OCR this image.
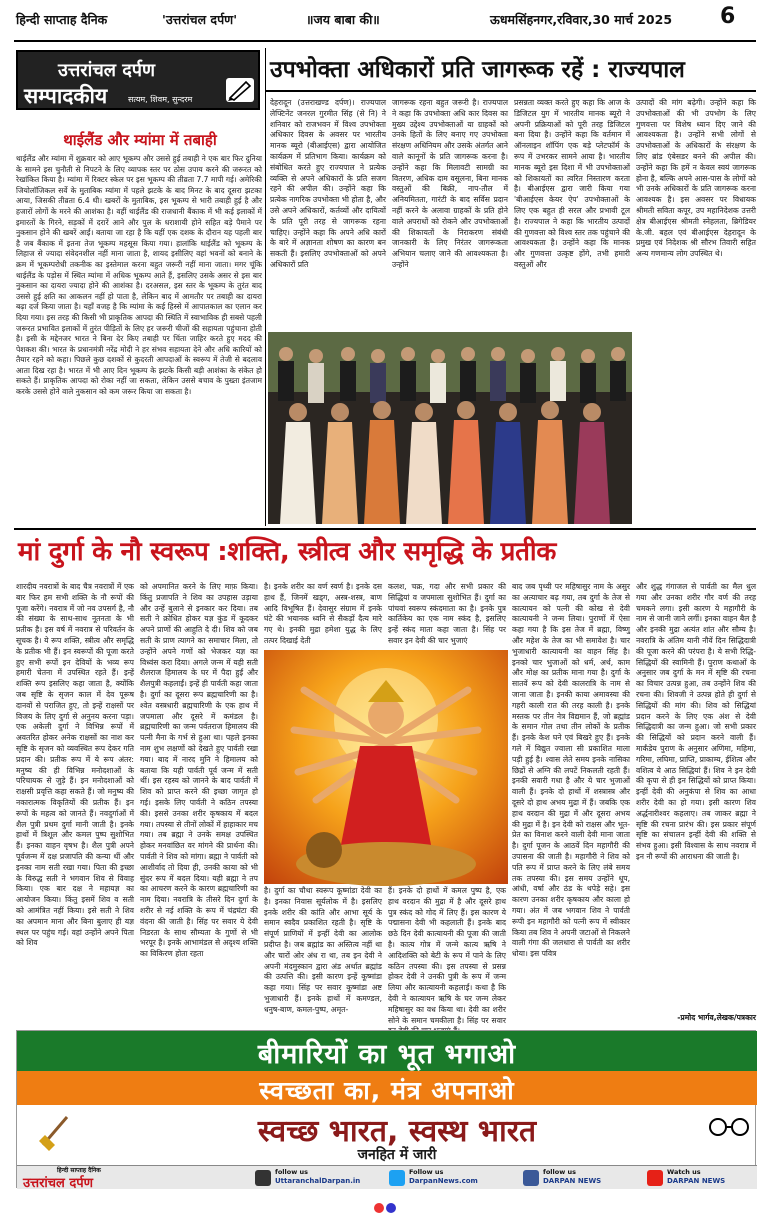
हिन्दी साप्ताह दैनिक	'उत्तरांचल दर्पण'	॥जय बाबा की॥	ऊधमसिंहनगर,रविवार,30 मार्च 2025 6
उत्तरांचल दर्पण
सम्पादकीय	सत्यम, शिवम, सुन्दरम
थाईलैंड और म्यांमा में तबाही
थाईलैंड और म्यांमा में शुक्रवार को आए भूकम्प और उससे हुई तबाही ने एक बार फिर दुनिया के सामने इस चुनौती से निपटने के लिए व्यापक स्तर पर ठोस उपाय करने की जरूरत को रेखांकित किया है। म्यांमा में रिक्टर स्केल पर इस भूकम्प की तीव्रता 7.7 मापी गई। अमेरिकी जियोलॉजिकल सर्वे के मुताबिक म्यांमा में पहले झटके के बाद मिनट के बाद दूसरा झटका आया, जिसकी तीव्रता 6.4 थी। खबरों के मुताबिक, इस भूकम्प से भारी तबाही हुई है और हजारों लोगों के मरने की आशंका है। वहीं थाईलैंड की राजधानी बैंकाक में भी कई इलाकों में इमारतों के गिरने, सड़कों में दरारें आने और पुल के धराशायी होने सहित बड़े पैमाने पर नुकसान होने की खबरें आईं। बताया जा रहा है कि यहीं एक दशक के दौरान यह पहली बार है जब बैंकाक में इतना तेज भूकम्प महसूस किया गया। हालांकि थाईलैंड को भूकम्प के लिहाज से ज्यादा संवेदनशील नहीं माना जाता है, शायद इसीलिए वहां भवनों को बनाने के क्रम में भूकम्परोधी तकनीक का इस्तेमाल करना बहुत जरूरी नहीं माना जाता। मगर चूंकि थाईलैंड के पड़ोस में स्थित म्यांमा में अधिक भूकम्प आते हैं, इसलिए उसके असर से इस बार नुकसान का दायरा ज्यादा होने की आशंका है। दरअसल, इस स्तर के भूकम्प के तुरंत बाद उससे हुई क्षति का आकलन नहीं हो पाता है, लेकिन बाद में आमतौर पर तबाही का दायरा बढ़ा दर्ज किया जाता है। यहाँ वजह है कि म्यांमा के कई हिस्से में आपातकाल का एलान कर दिया गया। इस तरह की किसी भी प्राकृतिक आपदा की स्थिति में स्वाभाविक ही सबसे पहली जरूरत प्रभावित इलाकों में तुरंत पीड़ितों के लिए हर जरूरी चीजों की सहायता पहुंचाना होती है। इसी के मद्देनजर भारत ने बिना देर किए तबाही पर चिंता जाहिर करते हुए मदद की पेशकश की। भारत के प्रधानमंत्री नरेंद्र मोदी ने हर संभव सहायता देने और अधि कारियों को तैयार रहने को कहा। पिछले कुछ दशकों से कुदरती आपदाओं के स्वरूप में तेजी से बदलाव आता दिख रहा है। भारत में भी आए दिन भूकम्प के झटके किसी बड़ी आशंका के संकेत हो सकते हैं। प्राकृतिक आपदा को रोका नहीं जा सकता, लेकिन उससे बचाव के पुख्ता इंतजाम करके उससे होने वाले नुकसान को कम जरूर किया जा सकता है।
उपभोक्ता अधिकारों प्रति जागरूक रहें : राज्यपाल
देहरादून (उत्तराखण्ड दर्पण)। राज्यपाल लेफ्टिनेंट जनरल गुरमीत सिंह (से नि) ने शनिवार को राजभवन में विश्व उपभोक्ता अधिकार दिवस के अवसर पर भारतीय मानक ब्यूरो (बीआईएस) द्वारा आयोजित कार्यक्रम में प्रतिभाग किया। कार्यक्रम को संबोधित करते हुए राज्यपाल ने प्रत्येक व्यक्ति से अपने अधिकारों के प्रति सजग रहने की अपील की। उन्होंने कहा कि प्रत्येक नागरिक उपभोक्ता भी होता है, और उसे अपने अधिकारों, कर्तव्यों और दायित्वों के प्रति पूरी तरह से जागरूक रहना चाहिए। उन्होंने कहा कि अपने अधि कारों के बारे में अज्ञानता शोषण का कारण बन सकती हैं। इसलिए उपभोक्ताओं को अपने अधिकारों प्रति
जागरूक रहना बहुत जरूरी है। राज्यपाल ने कहा कि उपभोक्ता अधि कार दिवस का मुख्य उद्देश्य उपभोक्ताओं या ग्राहकों को उनके हितों के लिए बनाए गए उपभोक्ता संरक्षण अधिनियम और उसके अंतर्गत आने वाले कानूनों के प्रति जागरूक करना है। उन्होंने कहा कि मिलावटी सामग्री का वितरण, अधिक दाम वसूलना, बिना मानक वस्तुओं की बिक्री, नाप-तौल में अनियमितता, गारंटी के बाद सर्विस प्रदान नहीं करने के अलावा ग्राहकों के प्रति होने वाले अपराधों को रोकने और उपभोक्ताओं की शिकायतों के निराकरण संबंधी जानकारी के लिए निरंतर जागरूकता अभियान चलाए जाने की आवश्यकता है। उन्होंने
प्रसन्नता व्यक्त करते हुए कहा कि आज के डिजिटल युग में भारतीय मानक ब्यूरो ने अपनी प्रक्रियाओं को पूरी तरह डिजिटल बना दिया है। उन्होंने कहा कि वर्तमान में ऑनलाइन शॉपिंग एक बड़े प्लेटफॉर्म के रूप में उभरकर सामने आया है। भारतीय मानक ब्यूरो इस दिशा में भी उपभोक्ताओं को शिकायतों का त्वरित निस्तारण करता है। बीआईएस द्वारा जारी किया गया 'बीआईएस केयर ऐप' उपभोक्ताओं के लिए एक बहुत ही सरल और प्रभावी टूल है। राज्यपाल ने कहा कि भारतीय उत्पादों की गुणवत्ता को विश्व स्तर तक पहुंचाने की आवश्यकता है। उन्होंने कहा कि मानक और गुणवत्ता उत्कृष्ट होंगे, तभी हमारी वस्तुओं और
उत्पादों की मांग बढ़ेगी। उन्होंने कहा कि उपभोक्ताओं की भी उपभोग के लिए गुणवत्ता पर विशेष ध्यान दिए जाने की आवश्यकता है। उन्होंने सभी लोगों से उपभोक्ताओं के अधिकारों के संरक्षण के लिए ब्रांड एंबेसडर बनने की अपील की। उन्होंने कहा कि हमें न केवल स्वयं जागरूक होना है, बल्कि अपने आस-पास के लोगों को भी उनके अधिकारों के प्रति जागरूक करना आवश्यक है। इस अवसर पर विधायक श्रीमती सविता कपूर, उप महानिदेशक उत्तरी क्षेत्र बीआईएस श्रीमती स्नेहलता, ब्रिगेडियर के.जी. बहल एवं बीआईएस देहरादून के प्रमुख एवं निदेशक श्री सौरभ तिवारी सहित अन्य गणमान्य लोग उपस्थित थे।
मां दुर्गा के नौ स्वरूप :शक्ति, स्त्रीत्व और समृद्धि के प्रतीक
शारदीय नवरात्रों के बाद चैत्र नवरात्रों में एक बार फिर हम सभी शक्ति के नौ रूपों की पूजा करेंगे। नवरात्र में जो नव उपसर्ग है, नौ की संख्या के साथ-साथ नूतनता के भी प्रतीक है। इस वर्ष में नवरात्र से परिवर्तन के सूचक है। ये रूप शक्ति, स्त्रीत्व और समृद्धि के प्रतीक भी हैं। इन स्वरूपों की पूजा करते हुए सभी रूपों इन देवियों के भव्य रूप हमारी चेतना में उपस्थित रहते हैं। इन्हें शक्ति रूप इसलिए कहा जाता है, क्योंकि जब सृष्टि के सृजन काल में देव पूरूष दानवों से पराजित हुए, तो इन्हें राक्षसों पर विजय के लिए दुर्गा से अनुनय करना पड़ा। एक अकेली दुर्गा ने विभिन्न रूपों में अवतरित होकर अनेक राक्षसों का नाश कर सृष्टि के सृजन को व्यवस्थित रूप देकर गति प्रदान की। प्रतीक रूप में ये रूप अंतर: मनुष्य की ही विभिन्न मनोदशाओं के परिचायक से जुड़े हैं। इन मनोदशाओं को राक्षसी प्रवृत्ति कहा सकते हैं। जो मनुष्य की नकारात्मक विकृतियों की प्रतीक हैं। इन रूपों के महत्व को जानते हैं। नवदुर्गाओं में शैल पुत्री प्रथम दुर्गा मानी जाती है। इनके हाथों में त्रिशूल और कमल पुष्प सुशोभित हैं। इनका वाहन वृषभ है। शैल पुत्री अपने पूर्वजन्म में दक्ष प्रजापति की कन्या थीं और इनका नाम सती रखा गया। पिता की इच्छा के विरुद्ध सती ने भगवान शिव से विवाह किया। एक बार दक्ष ने महायज्ञ का आयोजन किया। किंतु इसमें शिव व सती को आमंत्रित नहीं किया। इसे सती ने शिव का अपमान माना और बिना बुलाए ही यज्ञ स्थल पर पहुंच गईं। वहां उन्होंने अपने पिता को शिव
को अपमानित करने के लिए माफ़ किया। किंतु प्रजापति ने शिव का उपहास उड़ाया और उन्हें बुलाने से इनकार कर दिया। तब सती ने क्रोधित होकर यज्ञ कुंड में कूदकर अपने प्राणों की आहुति दे दी। शिव को जब सती के प्राण त्यागने का समाचार मिला, तो उन्होंने अपने गणों को भेजकर यज्ञ का विध्वंस करा दिया। अगले जन्म में यही सती शैलराज हिमालय के घर में पैदा हुईं और शैलपुत्री कहलाईं। इन्हें ही पार्वती कहा जाता है। दुर्गा का दूसरा रूप ब्रह्मचारिणी का है। श्वेत वस्त्रधारी ब्रह्मचारिणी के एक हाथ में जपमाला और दूसरे में कमंडल है। ब्रह्मचारिणी का जन्म पर्वतराज हिमालय की पत्नी मैना के गर्भ से हुआ था। पहले इनका नाम शुभ लक्षणों को देखते हुए पार्वती रखा गया। बाद में नारद मुनि ने हिमालय को बताया कि यही पार्वती पूर्व जन्म में सती थीं। इस रहस्य को जानने के बाद पार्वती में शिव को प्राप्त करने की इच्छा जागृत हो गई। इसके लिए पार्वती ने कठिन तपस्या की। इससे उनका शरीर कृषकाय में बदल गया। तपस्या से तीनों लोकों में हाहाकार मच गया। तब ब्रह्मा ने उनके समक्ष उपस्थित होकर मनवांछित वर मांगने की प्रार्थना की। पार्वती ने शिव को मांगा। ब्रह्मा ने पार्वती को आशीर्वाद तो दिया ही, उनकी काया को भी सुंदर रूप में बदल दिया। यही ब्रह्मा ने तप का आचरण करने के कारण ब्रह्मचारिणी का नाम दिया। नवरात्रि के तीसरे दिन दुर्गा के शरीर से नई शक्ति के रूप में चंद्रघंटा की वंदना की जाती है। सिंह पर सवार ये देवी निडरता के साथ सौम्यता के गुणों से भी भरपूर है। इनके आभामंडल से अदृश्य शक्ति का विकिरण होता रहता
है। इनके शरीर का वर्ण स्वर्ण है। इनके दस हाथ हैं, जिनमें खड्ग, अस्त्र-शस्त्र, बाण आदि विभूषित हैं। देवासुर संग्राम में इनके घंटे की भयानक ध्वनि से सैकड़ों दैत्य मारे गए थे। इनकी मुद्रा हमेशा युद्ध के लिए तत्पर दिखाई देती
कलश, चक्र, गदा और सभी प्रकार की सिद्धियां व जपमाला सुशोभित हैं। दुर्गा का पांचवां स्वरूप स्कंदमाता का है। इनके पुत्र कार्तिकेय का एक नाम स्कंद है, इसलिए इन्हें स्कंद माता कहा जाता है। सिंह पर सवार इन देवी की चार भुजाएं
है। दुर्गा का चौथा स्वरूप कूष्मांडा देवी का है। इनका निवास सूर्यलोक में है। इसलिए इनके शरीर की कांति और आभा सूर्य के समान स्वदैव प्रकाशित रहती है। सृष्टि के संपूर्ण प्राणियों में इन्हीं देवी का आलोक प्रदीप्त है। जब ब्रह्मांड का अस्तित्व नहीं था और चारों ओर अंध रा था, तब इन देवी ने अपनी मंदमुस्कान द्वारा अंड अर्थात ब्रह्मांड की उत्पत्ति की। इसी कारण इन्हें कूष्मांडा कहा गया। सिंह पर सवार कूष्मांडा अष्ट भुजाधारी हैं। इनके हाथों में कमण्डल, धनुष-बाण, कमल-पुष्प, अमृत-
हैं। इनके दो हाथों में कमल पुष्प है, एक हाथ वरदान की मुद्रा में है और दूसरे हाथ पुत्र स्कंद को गोद में लिए हैं। इस कारण ये पद्मासना देवी भी कहलाती हैं। इनके बाद छठे दिन देवी कात्यायनी की पूजा की जाती है। कात्य गोत्र में जन्मे कात्य ऋषि ने आदिशक्ति को बेटी के रूप में पाने के लिए कठिन तपस्या की। इस तपस्या से प्रसन्न होकर देवी ने उनकी पुत्री के रूप में जन्म लिया और कात्यायनी कहलाईं। कथा है कि देवी ने कात्यायन ऋषि के घर जन्म लेकर महिषासुर का वध किया था। देवी का शरीर सोने के समान चमकीला है। सिंह पर सवार
बाद जब पृथ्वी पर महिषासुर नाम के असुर का अत्याचार बढ़ गया, तब दुर्गा के तेज से कात्यायन को पत्नी की कोख से देवी कात्यायनी ने जन्म लिया। पुराणों में ऐसा कहा गया है कि इस तेज में ब्रह्मा, विष्णु और महेश के तेज का भी समावेश है। चार भुजाधारी कात्यायनी का वाहन सिंह है। इनको चार भुजाओं को धर्म, अर्थ, काम और मोक्ष का प्रतीक माना गया है। दुर्गा के सातवें रूप को देवी कालरात्रि के नाम से जाना जाता है। इनकी काया अमावस्या की गहरी काली रात की तरह काली है। इनके मस्तक पर तीन नेत्र विद्यमान हैं, जो ब्रह्मांड के समान गोल तथा तीन लोकों के प्रतीक हैं। इनके केश घने एवं बिखरे हुए हैं। इनके गले में विद्युत ज्वाला सी प्रकाशित माला पड़ी हुई है। श्वास लेते समय इनके नासिका छिद्रों से अग्नि की लपटें निकलती रहती हैं। इनकी सवारी गधा है और ये चार भुजाओं वाली हैं। इनके दो हाथों में शस्त्रास्त्र और दूसरे दो हाथ अभय मुद्रा में हैं। जबकि एक हाथ वरदान की मुद्रा में और दूसरा अभय की मुद्रा में है। इन देवी को राक्षस और भूत-प्रेत का विनाश करने वाली देवी माना जाता है। दुर्गा पूजन के आठवें दिन महागौरी की उपासना की जाती है। महागौरी ने शिव को पति रूप में प्राप्त करने के लिए लंबे समय तक तपस्या की। इस समय उन्होंने धूप, आंधी, वर्षा और ठंड के थपेड़े सहे। इस कारण उनका शरीर कृषकाय और काला हो गया। अंत में जब भगवान शिव ने पार्वती रूपी इन महागौरी को पत्नी रूप में स्वीकार किया तब शिव ने अपनी जटाओं से निकलने वाली गंगा की जलधारा से पार्वती का शरीर धोया। इस पवित्र
और शुद्ध गंगाजल से पार्वती का मैल धुल गया और उनका शरीर गौर वर्ण की तरह चमकने लगा। इसी कारण ये महागौरी के नाम से जानी जाने लगीं। इनका वाहन बैल है और इनकी मुद्रा अत्यंत शांत और सौम्य है। नवरात्रि के अंतिम यानी नौवें दिन सिद्धिदात्री की पूजा करने की परंपरा है। ये सभी रिद्धि-सिद्धियों की स्वामिनी हैं। पुराण कथाओं के अनुसार जब दुर्गा के मन में सृष्टि की रचना का विचार उत्पन्न हुआ, तब उन्होंने शिव की रचना की। शिवजी ने उत्पन्न होते ही दुर्गा से सिद्धियों की मांग की। शिव को सिद्धियां प्रदान करने के लिए एक अंश से देवी सिद्धिदात्री का जन्म हुआ। जो सभी प्रकार की सिद्धियों को प्रदान करने वाली हैं। मार्कंडेय पुराण के अनुसार अणिमा, महिमा, गरिमा, लघिमा, प्राप्ति, प्राकाम्य, ईशित्व और वशित्व ये आठ सिद्धियां हैं। शिव ने इन देवी की कृपा से ही इन सिद्धियों को प्राप्त किया। इन्हीं देवी की अनुकंपा से शिव का आधा शरीर देवी का हो गया। इसी कारण शिव अर्द्धनारीश्वर कहलाए। तब जाकर ब्रह्मा ने सृष्टि की रचना प्रारंभ की। इस प्रकार संपूर्ण सृष्टि का संचालन इन्हीं देवी की शक्ति से संभव हुआ। इसी विश्वास के साथ नवरात्र में इन नौ रूपों की आराधना की जाती है।
-प्रमोद भार्गव,लेखक/पत्रकार
बीमारियों का भूत भगाओ
स्वच्छता का, मंत्र अपनाओ
स्वच्छ भारत, स्वस्थ भारत
जनहित में जारी
हिन्दी साप्ताह दैनिक
उत्तरांचल दर्पण
follow us
UttaranchalDarpan.in
Follow us
DarpanNews.com
follow us
DARPAN NEWS
Watch us
DARPAN NEWS
